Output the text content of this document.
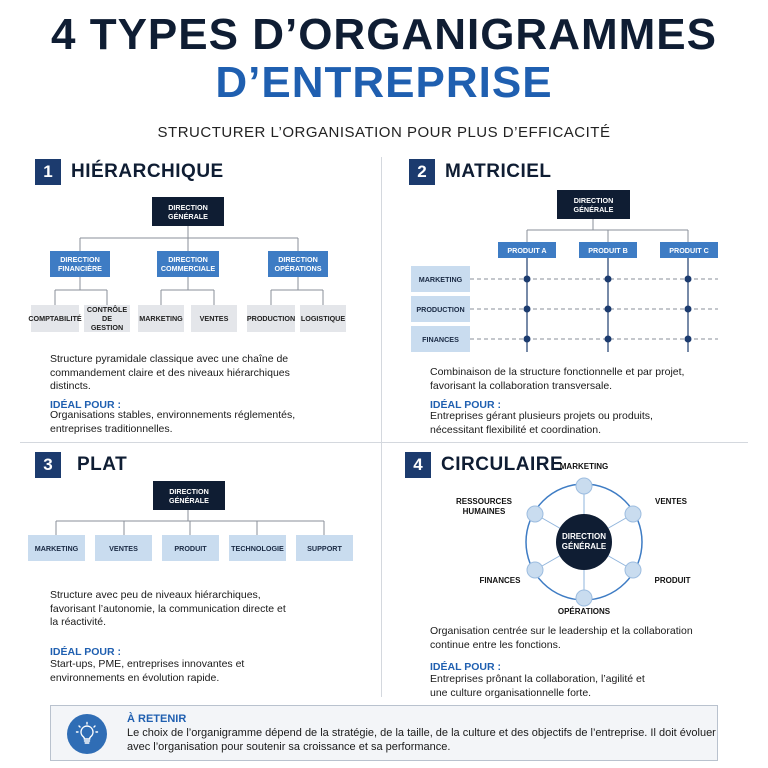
4 TYPES D’ORGANIGRAMMES
D’ENTREPRISE
STRUCTURER L’ORGANISATION POUR PLUS D’EFFICACITÉ
1 HIÉRARCHIQUE
DIRECTION GÉNÉRALE
DIRECTION FINANCIÈRE
DIRECTION COMMERCIALE
DIRECTION OPÉRATIONS
COMPTABILITÉ
CONTRÔLE DE GESTION
MARKETING	VENTES	PRODUCTION LOGISTIQUE
Structure pyramidale classique avec une chaîne de commandement claire et des niveaux hiérarchiques distincts.
IDÉAL POUR :
Organisations stables, environnements réglementés, entreprises traditionnelles.
2 MATRICIEL
DIRECTION GÉNÉRALE
PRODUIT A	PRODUIT B	PRODUIT C
MARKETING
PRODUCTION
FINANCES
Combinaison de la structure fonctionnelle et par projet, favorisant la collaboration transversale.
IDÉAL POUR :
Entreprises gérant plusieurs projets ou produits, nécessitant flexibilité et coordination.
3	PLAT
DIRECTION GÉNÉRALE
MARKETING	VENTES	PRODUIT	TECHNOLOGIE	SUPPORT
Structure avec peu de niveaux hiérarchiques, favorisant l’autonomie, la communication directe et la réactivité.
IDÉAL POUR :
Start-ups, PME, entreprises innovantes et environnements en évolution rapide.
4 CIRCULAIRE
DIRECTION GÉNÉRALE
MARKETING
VENTES
PRODUIT
OPÉRATIONS
FINANCES
RESSOURCES HUMAINES
Organisation centrée sur le leadership et la collaboration continue entre les fonctions.
IDÉAL POUR :
Entreprises prônant la collaboration, l’agilité et une culture organisationnelle forte.
À RETENIR
Le choix de l’organigramme dépend de la stratégie, de la taille, de la culture et des objectifs de l’entreprise. Il doit évoluer avec l’organisation pour soutenir sa croissance et sa performance.
